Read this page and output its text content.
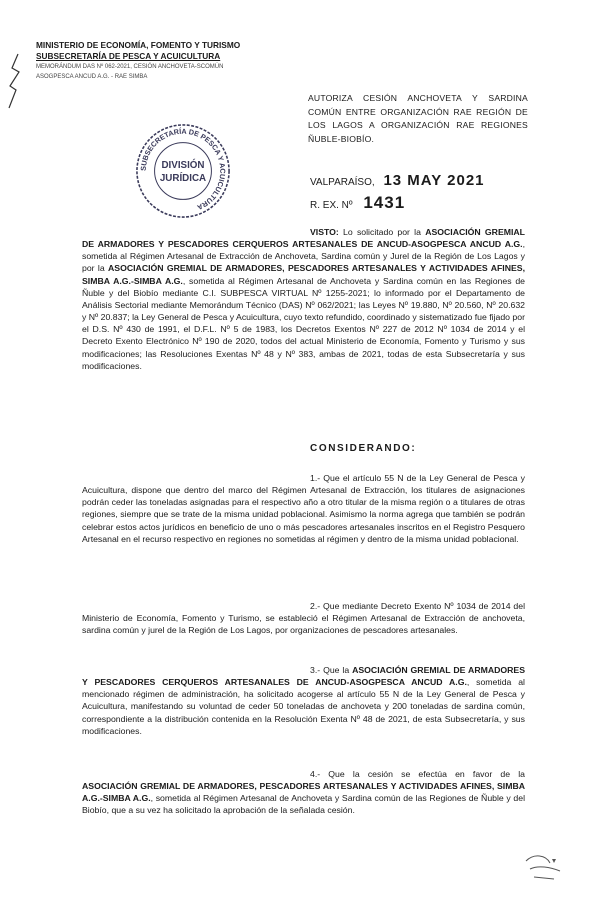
MINISTERIO DE ECONOMÍA, FOMENTO Y TURISMO
SUBSECRETARÍA DE PESCA Y ACUICULTURA
MEMORÁNDUM DAS Nº 062-2021, CESIÓN ANCHOVETA-SCOMÚN
ASOGPESCA ANCUD A.G. - RAE SIMBA
AUTORIZA CESIÓN ANCHOVETA Y SARDINA COMÚN ENTRE ORGANIZACIÓN RAE REGIÓN DE LOS LAGOS A ORGANIZACIÓN RAE REGIONES ÑUBLE-BIOBÍO.
SUBSECRETARÍA DE PESCA Y ACUICULTURA
DIVISIÓN
JURÍDICA	VALPARAÍSO, 13 MAY 2021
R. EX. Nº 1431

VISTO: Lo solicitado por la ASOCIACIÓN GREMIAL DE ARMADORES Y PESCADORES CERQUEROS ARTESANALES DE ANCUD-ASOGPESCA ANCUD A.G., sometida al Régimen Artesanal de Extracción de Anchoveta, Sardina común y Jurel de la Región de Los Lagos y por la ASOCIACIÓN GREMIAL DE ARMADORES, PESCADORES ARTESANALES Y ACTIVIDADES AFINES, SIMBA A.G.-SIMBA A.G., sometida al Régimen Artesanal de Anchoveta y Sardina común en las Regiones de Ñuble y del Biobío mediante C.I. SUBPESCA VIRTUAL Nº 1255-2021; lo informado por el Departamento de Análisis Sectorial mediante Memorándum Técnico (DAS) Nº 062/2021; las Leyes Nº 19.880, Nº 20.560, Nº 20.632 y Nº 20.837; la Ley General de Pesca y Acuicultura, cuyo texto refundido, coordinado y sistematizado fue fijado por el D.S. Nº 430 de 1991, el D.F.L. Nº 5 de 1983, los Decretos Exentos Nº 227 de 2012 Nº 1034 de 2014 y el Decreto Exento Electrónico Nº 190 de 2020, todos del actual Ministerio de Economía, Fomento y Turismo y sus modificaciones; las Resoluciones Exentas Nº 48 y Nº 383, ambas de 2021, todas de esta Subsecretaría y sus modificaciones.

CONSIDERANDO:

1.- Que el artículo 55 N de la Ley General de Pesca y Acuicultura, dispone que dentro del marco del Régimen Artesanal de Extracción, los titulares de asignaciones podrán ceder las toneladas asignadas para el respectivo año a otro titular de la misma región o a titulares de otras regiones, siempre que se trate de la misma unidad poblacional. Asimismo la norma agrega que también se podrán celebrar estos actos jurídicos en beneficio de uno o más pescadores artesanales inscritos en el Registro Pesquero Artesanal en el recurso respectivo en regiones no sometidas al régimen y dentro de la misma unidad poblacional.

2.- Que mediante Decreto Exento Nº 1034 de 2014 del Ministerio de Economía, Fomento y Turismo, se estableció el Régimen Artesanal de Extracción de anchoveta, sardina común y jurel de la Región de Los Lagos, por organizaciones de pescadores artesanales.

3.- Que la ASOCIACIÓN GREMIAL DE ARMADORES Y PESCADORES CERQUEROS ARTESANALES DE ANCUD-ASOGPESCA ANCUD A.G., sometida al mencionado régimen de administración, ha solicitado acogerse al artículo 55 N de la Ley General de Pesca y Acuicultura, manifestando su voluntad de ceder 50 toneladas de anchoveta y 200 toneladas de sardina común, correspondiente a la distribución contenida en la Resolución Exenta Nº 48 de 2021, de esta Subsecretaría, y sus modificaciones.

4.- Que la cesión se efectúa en favor de la ASOCIACIÓN GREMIAL DE ARMADORES, PESCADORES ARTESANALES Y ACTIVIDADES AFINES, SIMBA A.G.-SIMBA A.G., sometida al Régimen Artesanal de Anchoveta y Sardina común de las Regiones de Ñuble y del Biobío, que a su vez ha solicitado la aprobación de la señalada cesión.
